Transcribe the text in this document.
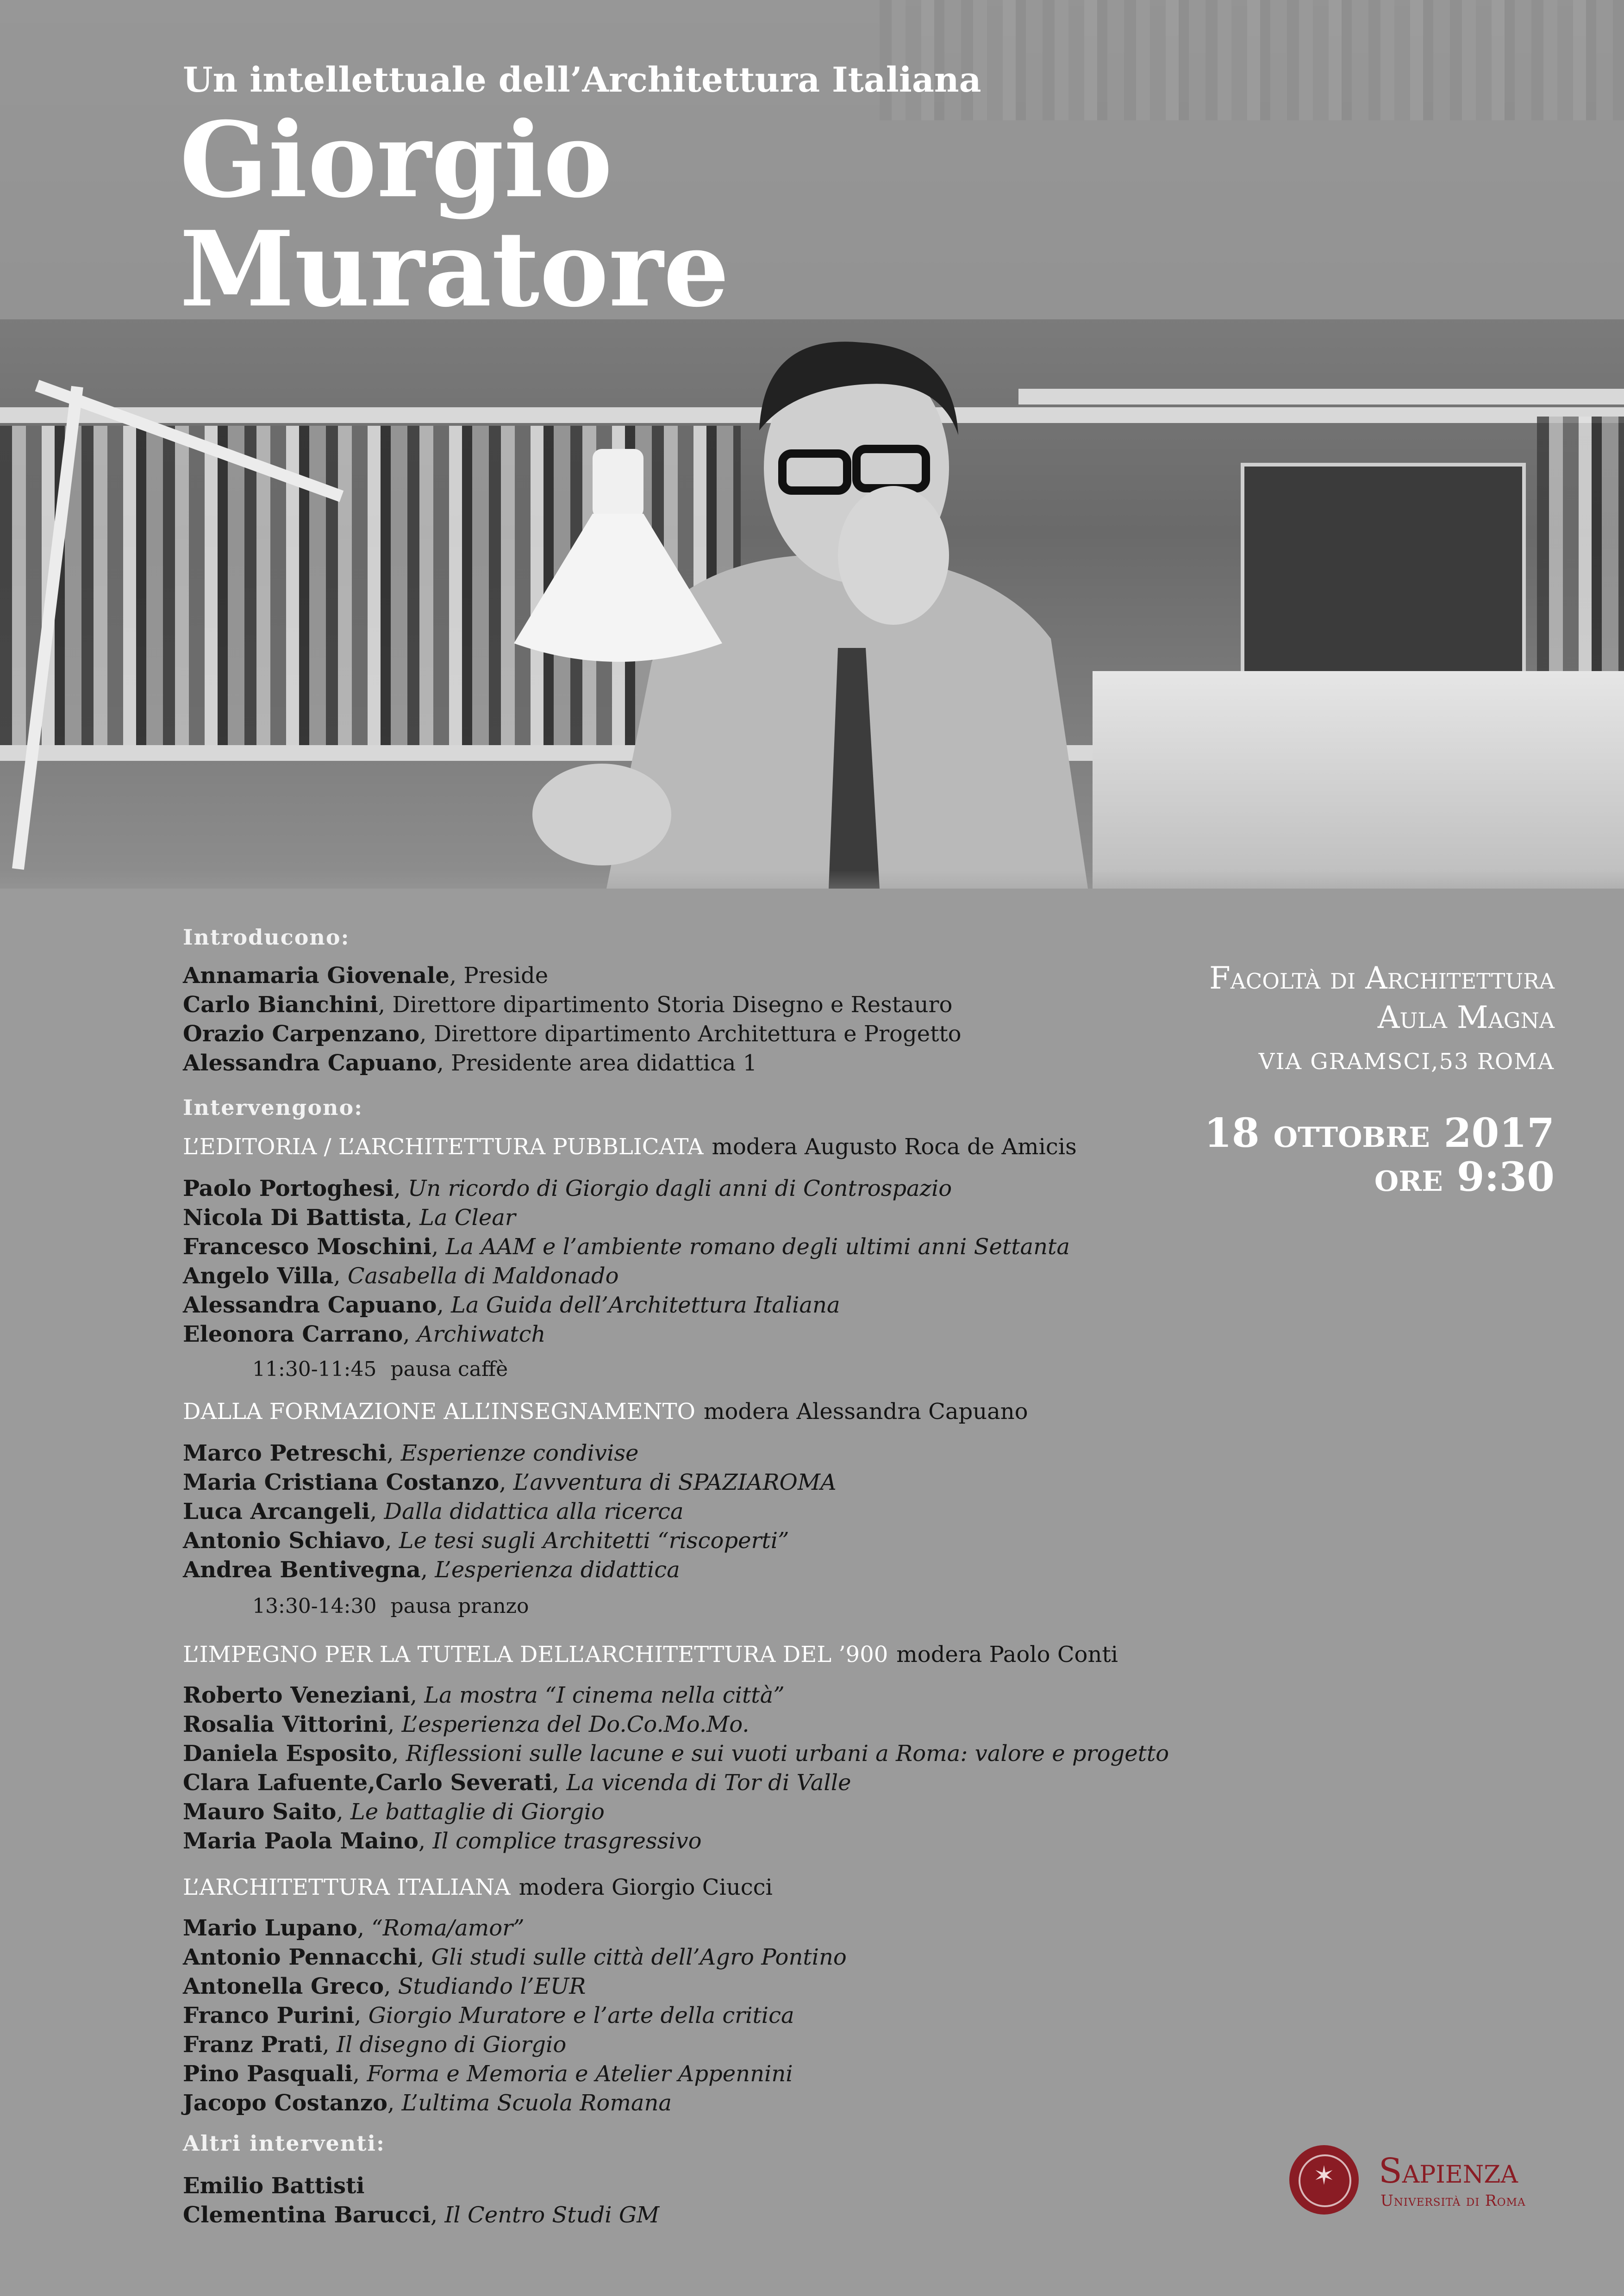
Un intellettuale dell’Architettura Italiana
Giorgio
Muratore
Introducono:
Annamaria Giovenale, Preside
Carlo Bianchini, Direttore dipartimento Storia Disegno e Restauro
Orazio Carpenzano, Direttore dipartimento Architettura e Progetto
Alessandra Capuano, Presidente area didattica 1
Intervengono:
L’EDITORIA / L’ARCHITETTURA PUBBLICATA modera Augusto Roca de Amicis
Paolo Portoghesi, Un ricordo di Giorgio dagli anni di Controspazio
Nicola Di Battista, La Clear
Francesco Moschini, La AAM e l’ambiente romano degli ultimi anni Settanta
Angelo Villa, Casabella di Maldonado
Alessandra Capuano, La Guida dell’Architettura Italiana
Eleonora Carrano, Archiwatch
11:30-11:45 pausa caffè
DALLA FORMAZIONE ALL’INSEGNAMENTO modera Alessandra Capuano
Marco Petreschi, Esperienze condivise
Maria Cristiana Costanzo, L’avventura di SPAZIAROMA
Luca Arcangeli, Dalla didattica alla ricerca
Antonio Schiavo, Le tesi sugli Architetti “riscoperti”
Andrea Bentivegna, L’esperienza didattica
13:30-14:30 pausa pranzo
L’IMPEGNO PER LA TUTELA DELL’ARCHITETTURA DEL ’900 modera Paolo Conti
Roberto Veneziani, La mostra “I cinema nella città”
Rosalia Vittorini, L’esperienza del Do.Co.Mo.Mo.
Daniela Esposito, Riflessioni sulle lacune e sui vuoti urbani a Roma: valore e progetto
Clara Lafuente,Carlo Severati, La vicenda di Tor di Valle
Mauro Saito, Le battaglie di Giorgio
Maria Paola Maino, Il complice trasgressivo
L’ARCHITETTURA ITALIANA modera Giorgio Ciucci
Mario Lupano, “Roma/amor”
Antonio Pennacchi, Gli studi sulle città dell’Agro Pontino
Antonella Greco, Studiando l’EUR
Franco Purini, Giorgio Muratore e l’arte della critica
Franz Prati, Il disegno di Giorgio
Pino Pasquali, Forma e Memoria e Atelier Appennini
Jacopo Costanzo, L’ultima Scuola Romana
Altri interventi:
Emilio Battisti
Clementina Barucci, Il Centro Studi GM
Facoltà di Architettura
Aula Magna
VIA GRAMSCI,53 ROMA
18 ottobre 2017
ore 9:30
✶	Sapienza
Università di Roma
